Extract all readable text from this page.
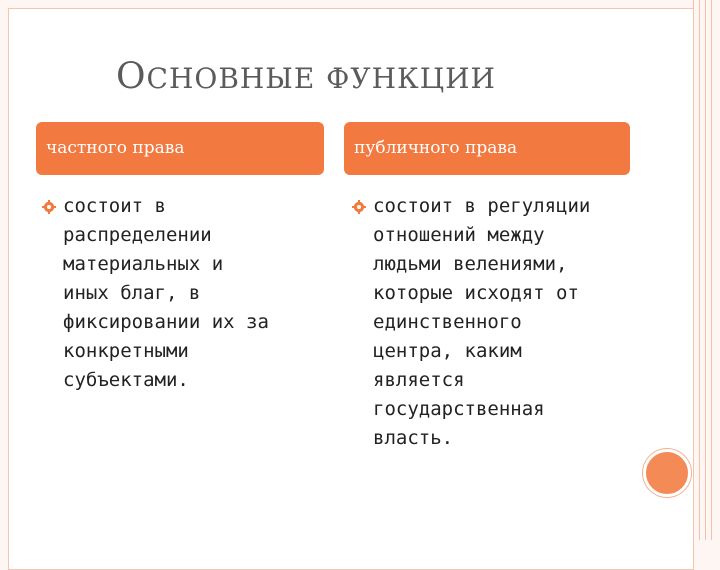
ОСНОВНЫЕ ФУНКЦИИ
частного права	публичного права
состоит в
распределении
материальных и
иных благ, в
фиксировании их за
конкретными
субъектами.
состоит в регуляции
отношений между
людьми велениями,
которые исходят от
единственного
центра, каким
является
государственная
власть.
